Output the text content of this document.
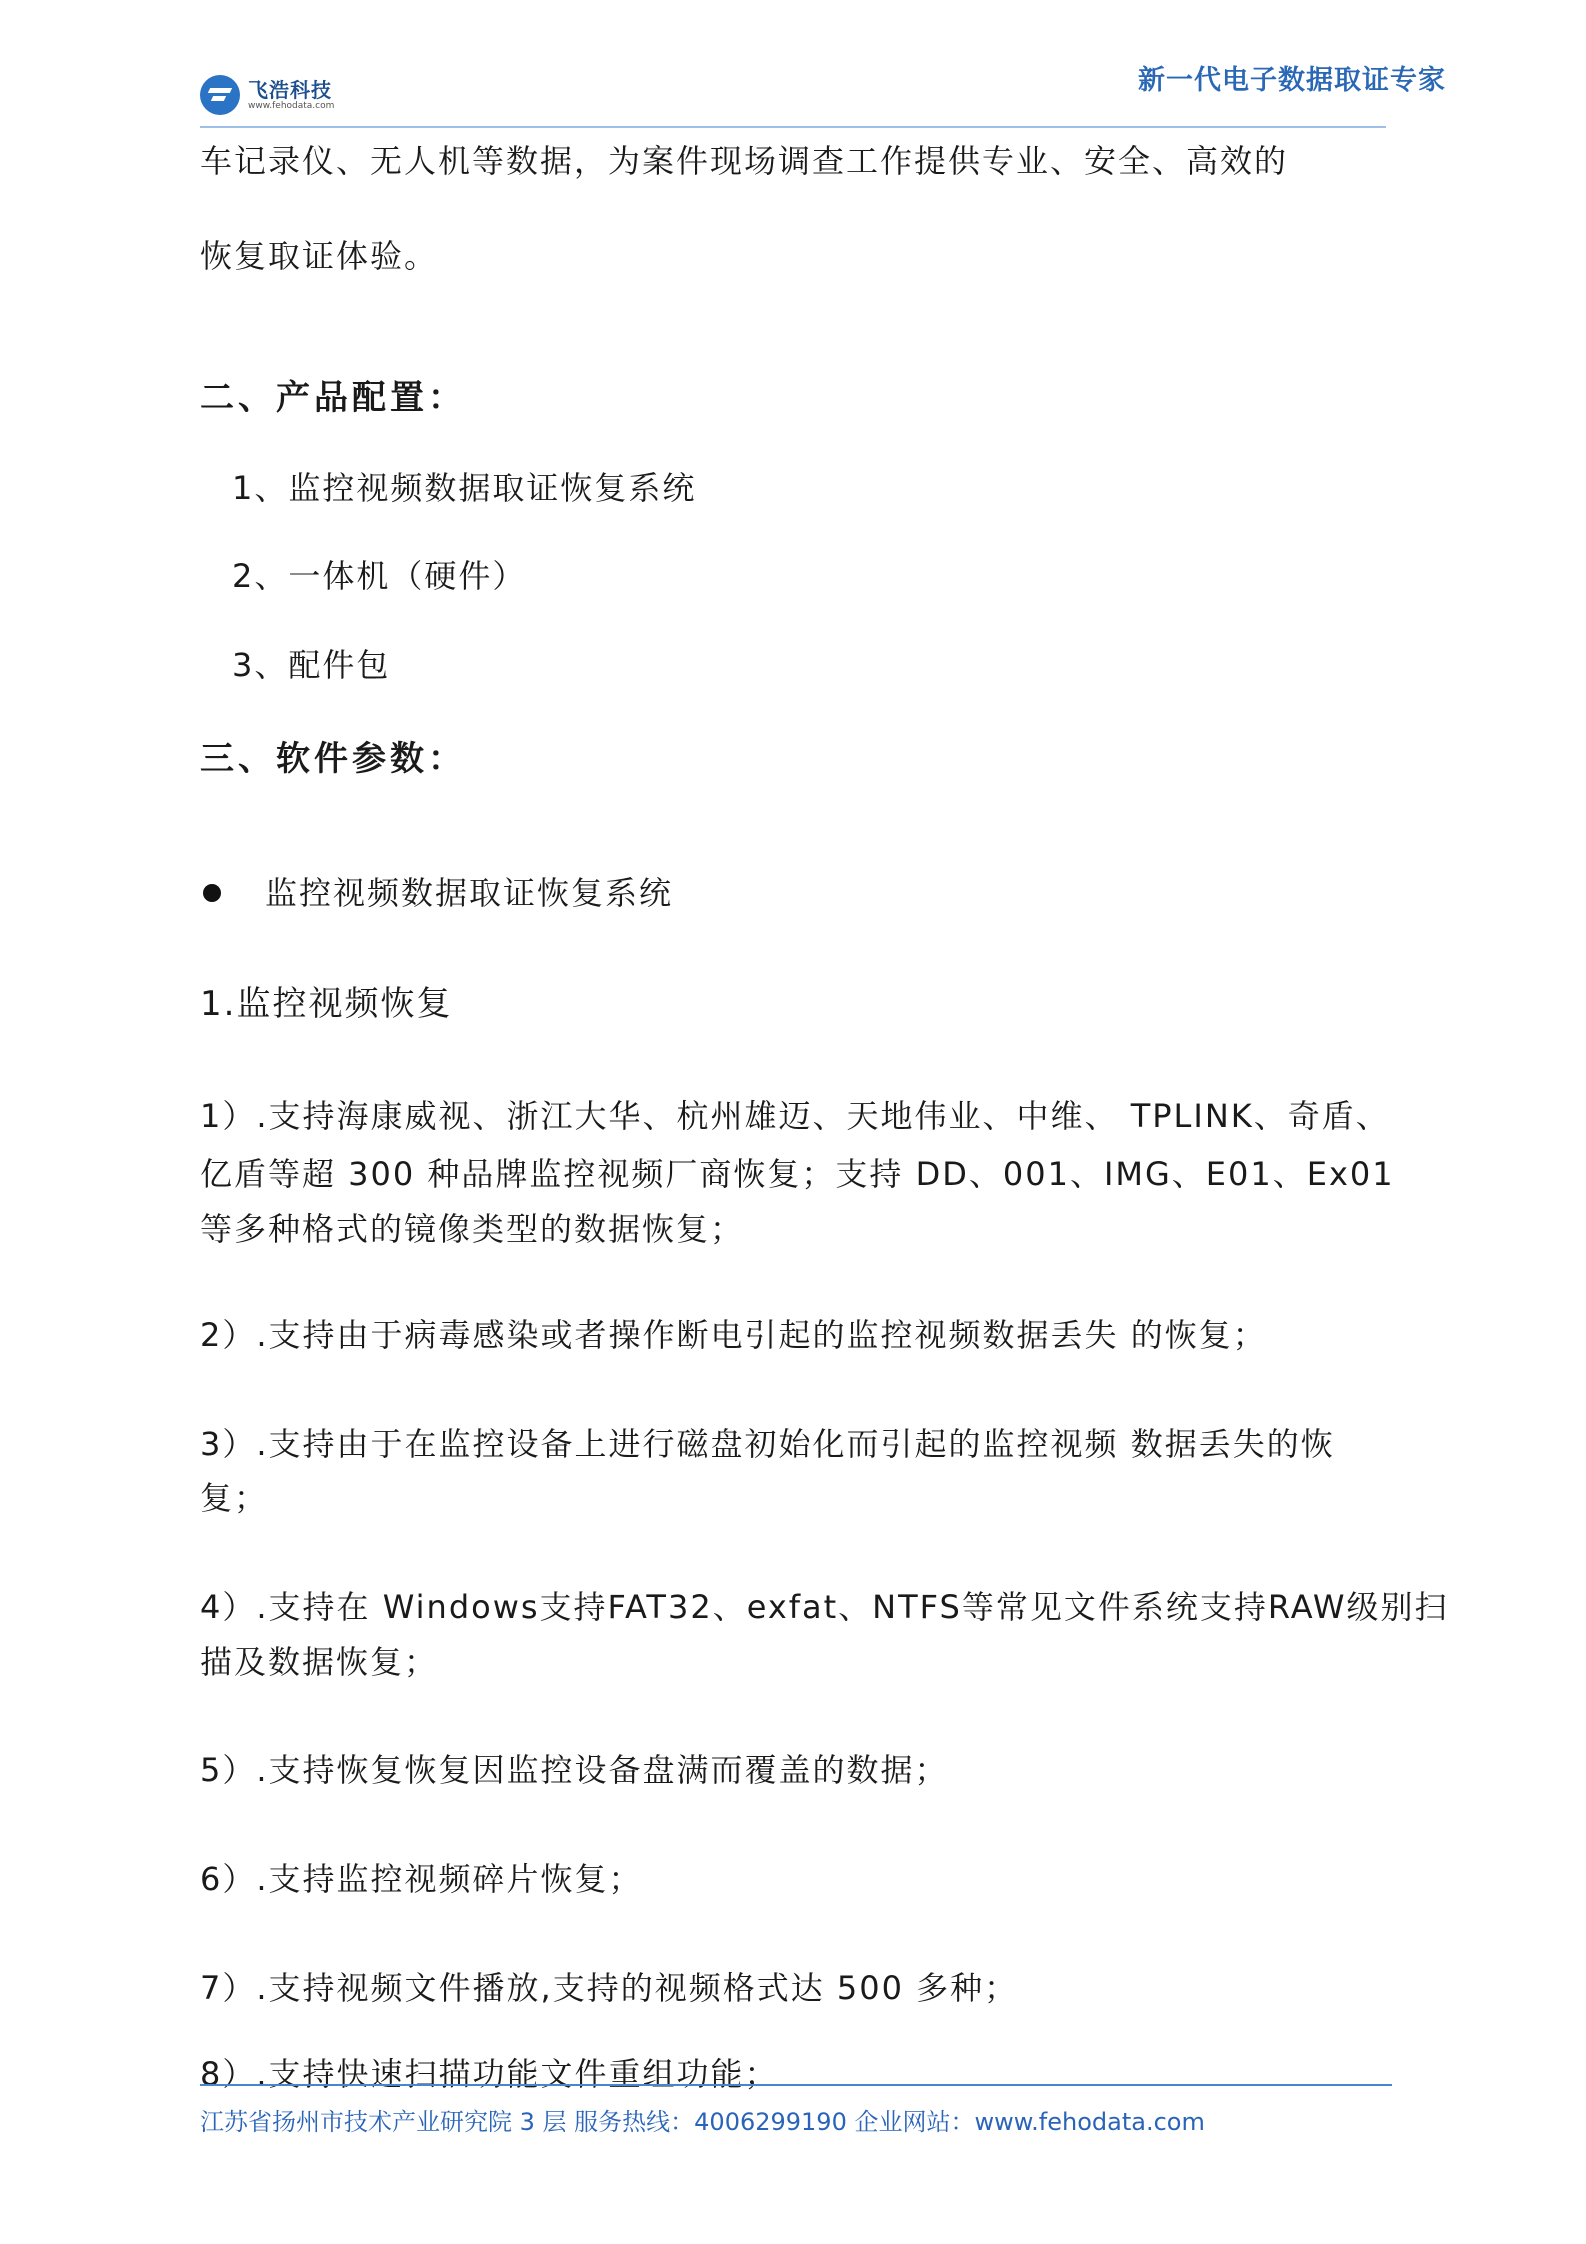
飞浩科技
www.fehodata.com
新一代电子数据取证专家
车记录仪、无人机等数据，为案件现场调查工作提供专业、安全、高效的
恢复取证体验。
二、产品配置：
1、监控视频数据取证恢复系统
2、一体机（硬件）
3、配件包
三、软件参数：
监控视频数据取证恢复系统
1.监控视频恢复
1）.支持海康威视、浙江大华、杭州雄迈、天地伟业、中维、 TPLINK、奇盾、
亿盾等超 300 种品牌监控视频厂商恢复；支持 DD、001、IMG、E01、Ex01
等多种格式的镜像类型的数据恢复；
2）.支持由于病毒感染或者操作断电引起的监控视频数据丢失 的恢复；
3）.支持由于在监控设备上进行磁盘初始化而引起的监控视频 数据丢失的恢
复；
4）.支持在 Windows支持FAT32、exfat、NTFS等常见文件系统支持RAW级别扫
描及数据恢复；
5）.支持恢复恢复因监控设备盘满而覆盖的数据；
6）.支持监控视频碎片恢复；
7）.支持视频文件播放,支持的视频格式达 500 多种；
8）.支持快速扫描功能文件重组功能；
江苏省扬州市技术产业研究院 3 层 服务热线：4006299190 企业网站：www.fehodata.com
